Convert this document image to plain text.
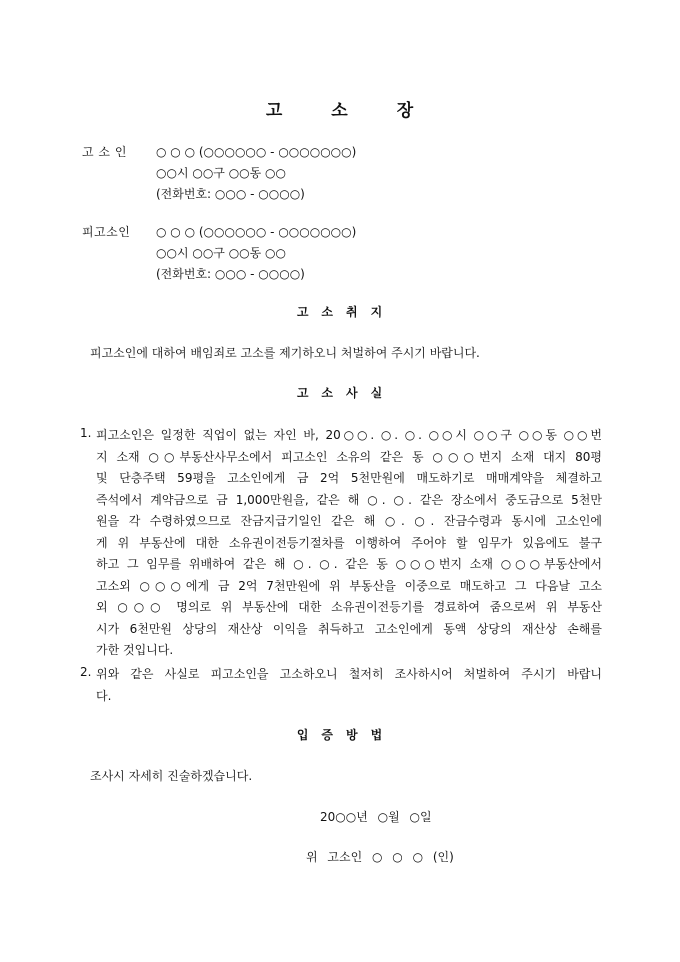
고	소	장
고 소 인	○ ○ ○ (○○○○○○ - ○○○○○○○)
○○시 ○○구 ○○동 ○○
(전화번호: ○○○ - ○○○○)
피고소인	○ ○ ○ (○○○○○○ - ○○○○○○○)
○○시 ○○구 ○○동 ○○
(전화번호: ○○○ - ○○○○)
고 소 취 지
피고소인에 대하여 배임죄로 고소를 제기하오니 처벌하여 주시기 바랍니다.
고 소 사 실
1. 피고소인은 일정한 직업이 없는 자인 바, 20○○. ○. ○. ○○시 ○○구 ○○동 ○○번
지 소재 ○○부동산사무소에서 피고소인 소유의 같은 동 ○○○번지 소재 대지 80평
및 단층주택 59평을 고소인에게 금 2억 5천만원에 매도하기로 매매계약을 체결하고
즉석에서 계약금으로 금 1,000만원을, 같은 해 ○. ○. 같은 장소에서 중도금으로 5천만
원을 각 수령하였으므로 잔금지급기일인 같은 해 ○. ○. 잔금수령과 동시에 고소인에
게 위 부동산에 대한 소유권이전등기절차를 이행하여 주어야 할 임무가 있음에도 불구
하고 그 임무를 위배하여 같은 해 ○. ○. 같은 동 ○○○번지 소재 ○○○부동산에서
고소외 ○○○에게 금 2억 7천만원에 위 부동산을 이중으로 매도하고 그 다음날 고소
외 ○○○ 명의로 위 부동산에 대한 소유권이전등기를 경료하여 줌으로써 위 부동산
시가 6천만원 상당의 재산상 이익을 취득하고 고소인에게 동액 상당의 재산상 손해를
가한 것입니다.
2. 위와 같은 사실로 피고소인을 고소하오니 철저히 조사하시어 처벌하여 주시기 바랍니
다.
입 증 방 법
조사시 자세히 진술하겠습니다.
20○○년 ○월 ○일
위 고소인 ○ ○ ○ (인)
